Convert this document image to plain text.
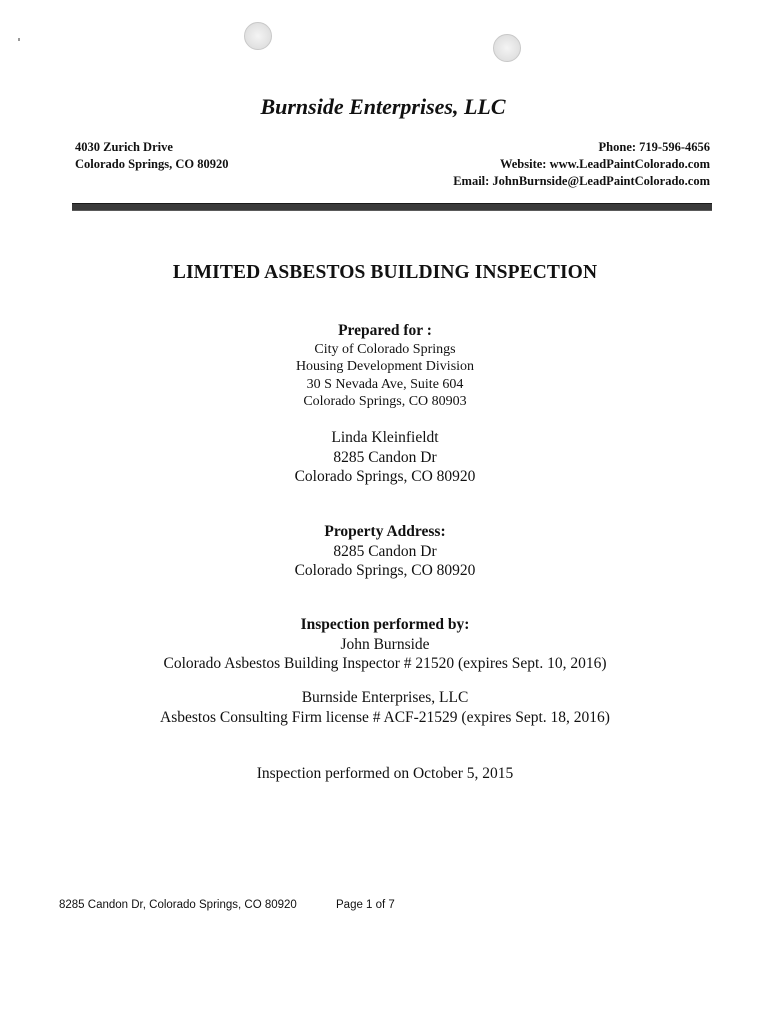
Burnside Enterprises, LLC
4030 Zurich Drive
Colorado Springs, CO 80920
Phone: 719-596-4656
Website: www.LeadPaintColorado.com
Email: JohnBurnside@LeadPaintColorado.com
LIMITED ASBESTOS BUILDING INSPECTION
Prepared for :
City of Colorado Springs
Housing Development Division
30 S Nevada Ave, Suite 604
Colorado Springs, CO 80903
Linda Kleinfieldt
8285 Candon Dr
Colorado Springs, CO 80920
Property Address:
8285 Candon Dr
Colorado Springs, CO 80920
Inspection performed by:
John Burnside
Colorado Asbestos Building Inspector # 21520 (expires Sept. 10, 2016)
Burnside Enterprises, LLC
Asbestos Consulting Firm license # ACF-21529 (expires Sept. 18, 2016)
Inspection performed on October 5, 2015
8285 Candon Dr, Colorado Springs, CO 80920	Page 1 of 7
